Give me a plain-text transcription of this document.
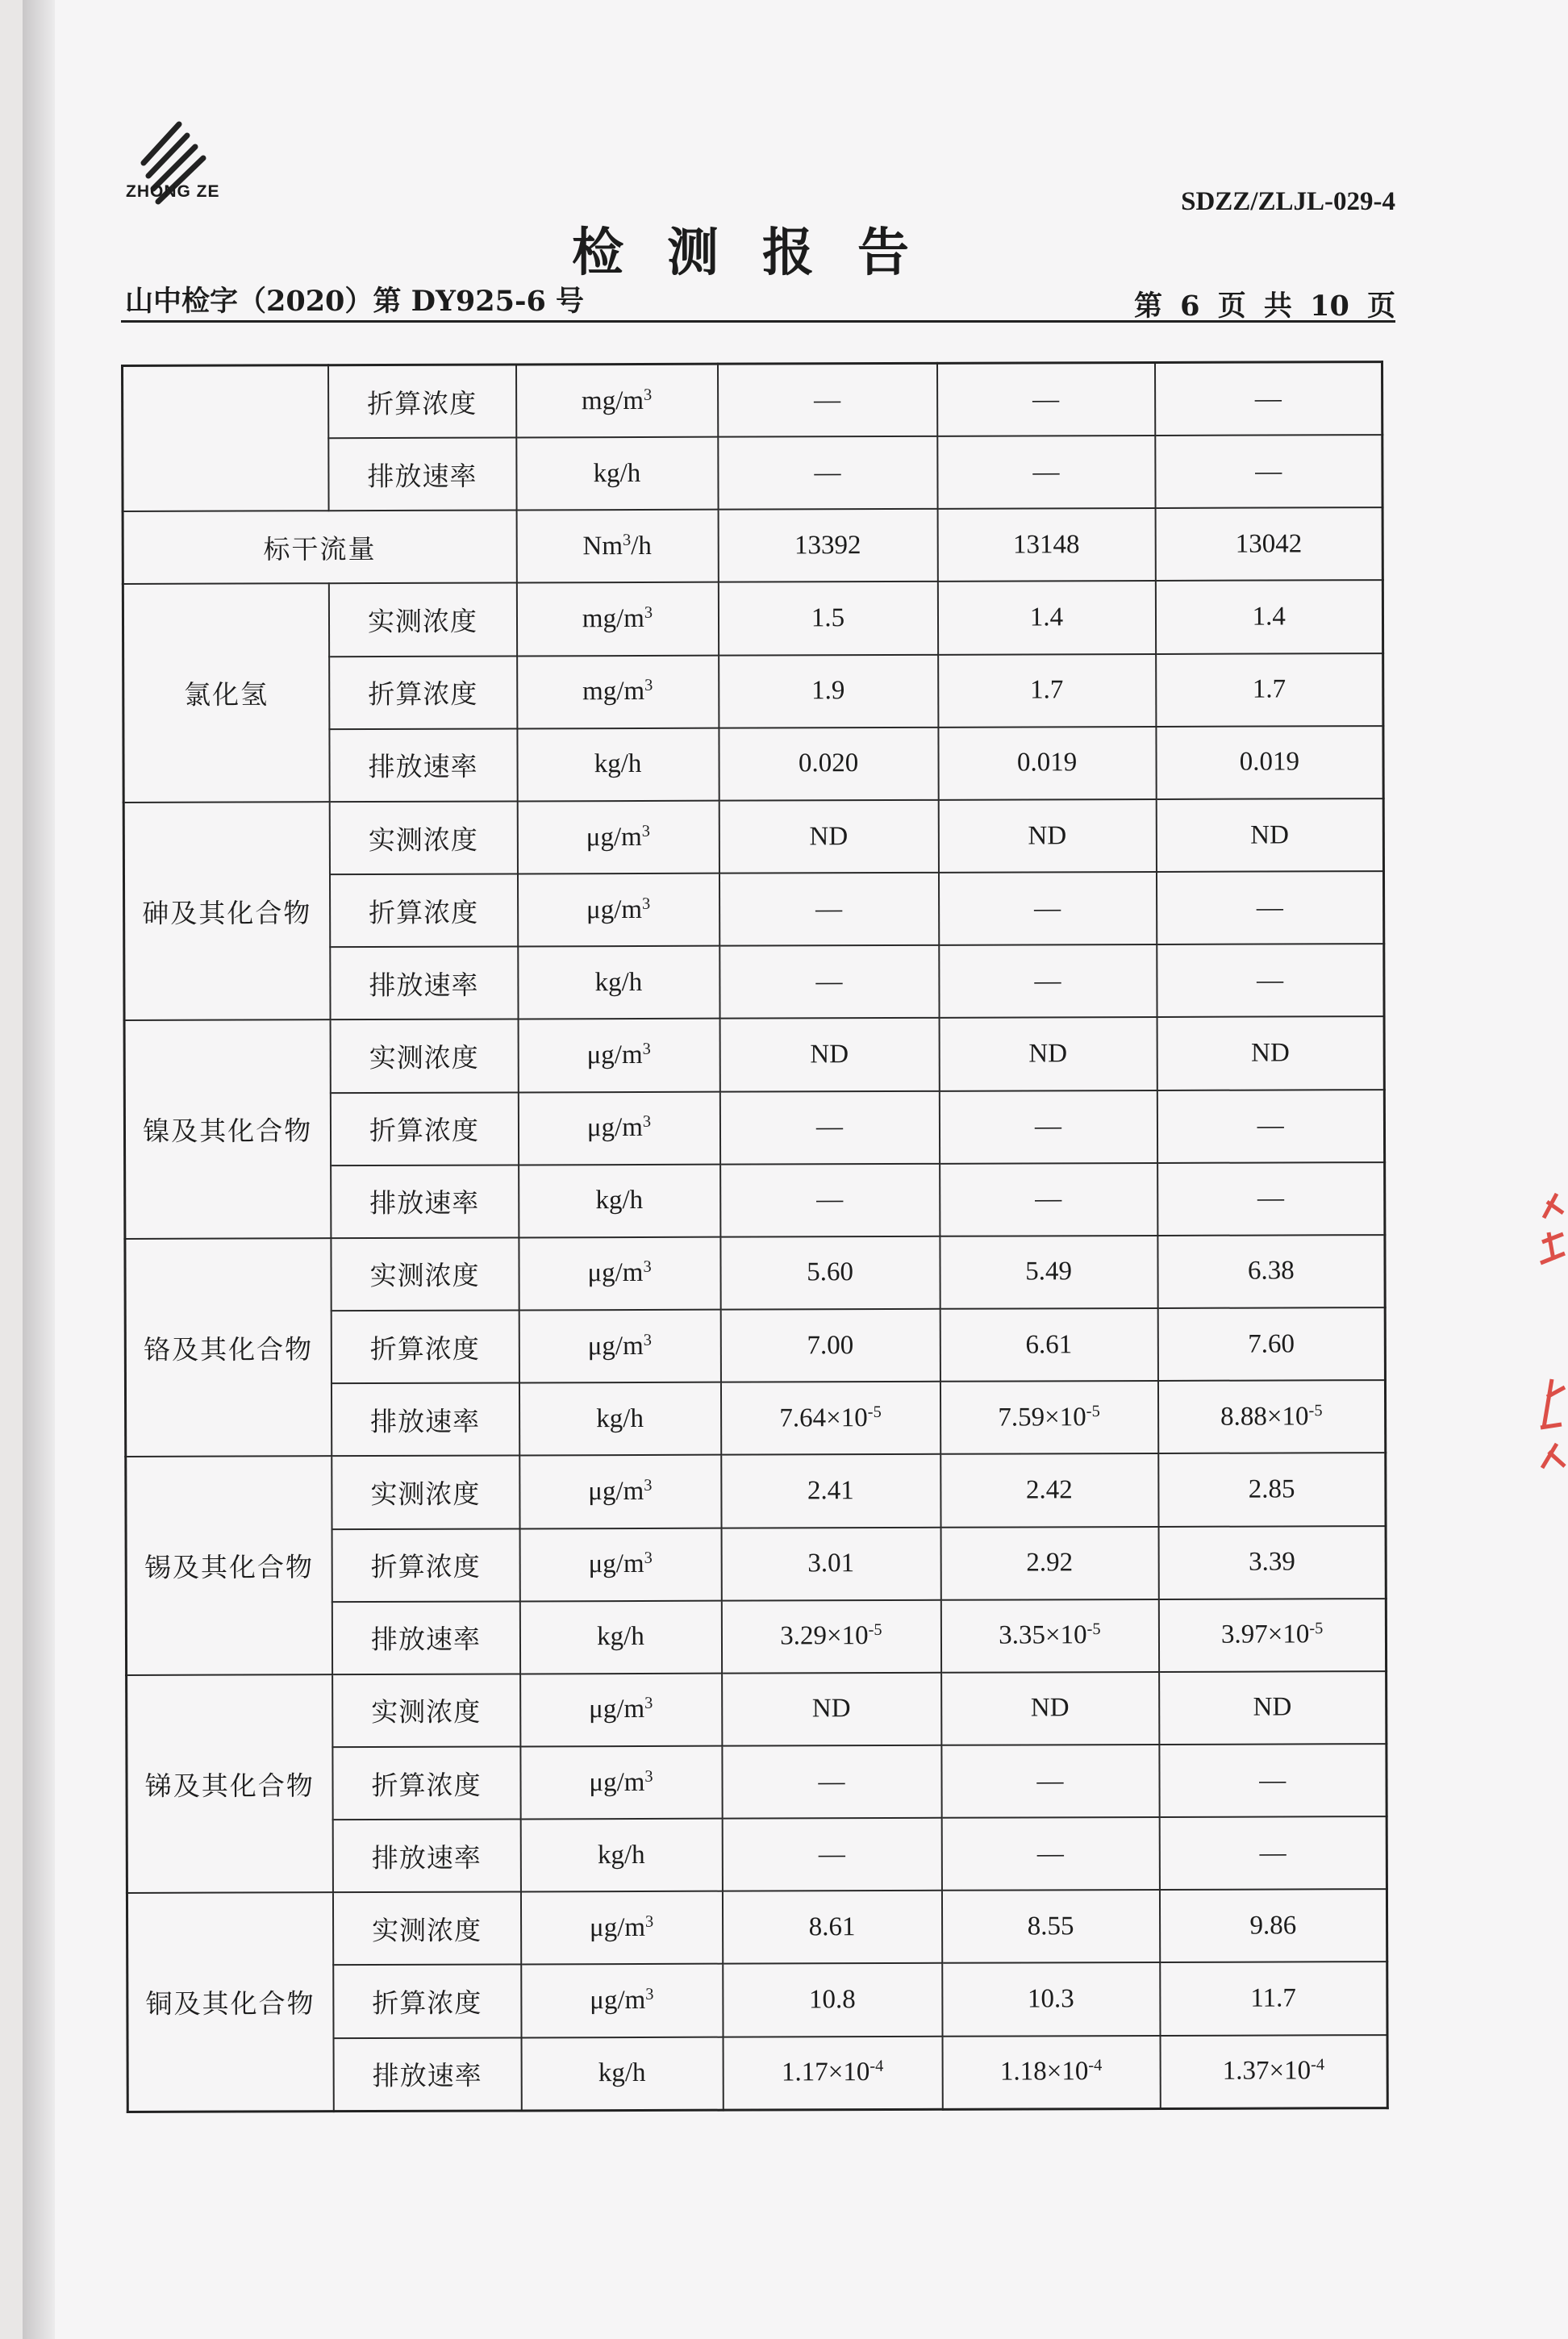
ZHONG ZE	SDZZ/ZLJL-029-4
检测报告
山中检字（2020）第 DY925-6 号	第 6 页 共 10 页
	折算浓度	$mg/m^3$	—	—	—
	排放速率	kg/h	—	—	—
标干流量		Nm$^3$/h	13392	13148	13042
氯化氢	实测浓度	$mg/m^3$	1.5	1.4	1.4
	折算浓度	$mg/m^3$	1.9	1.7	1.7
	排放速率	kg/h	0.020	0.019	0.019
砷及其化合物	实测浓度	$\mu g/m^3$	ND	ND	ND
	折算浓度	$\mu g/m^3$	—	—	—
	排放速率	kg/h	—	—	—
镍及其化合物	实测浓度	$\mu g/m^3$	ND	ND	ND
	折算浓度	$\mu g/m^3$	—	—	—
	排放速率	kg/h	—	—	—
铬及其化合物	实测浓度	$\mu g/m^3$	5.60	5.49	6.38
	折算浓度	$\mu g/m^3$	7.00	6.61	7.60
	排放速率	kg/h	$7.64\times 10^{-5}$	$7.59\times 10^{-5}$	$8.88\times 10^{-5}$
锡及其化合物	实测浓度	$\mu g/m^3$	2.41	2.42	2.85
	折算浓度	$\mu g/m^3$	3.01	2.92	3.39
	排放速率	kg/h	$3.29\times 10^{-5}$	$3.35\times 10^{-5}$	$3.97\times 10^{-5}$
锑及其化合物	实测浓度	$\mu g/m^3$	ND	ND	ND
	折算浓度	$\mu g/m^3$	—	—	—
	排放速率	kg/h	—	—	—
铜及其化合物	实测浓度	$\mu g/m^3$	8.61	8.55	9.86
	折算浓度	$\mu g/m^3$	10.8	10.3	11.7
	排放速率	kg/h	$1.17\times 10^{-4}$	$1.18\times 10^{-4}$	$1.37\times 10^{-4}$
